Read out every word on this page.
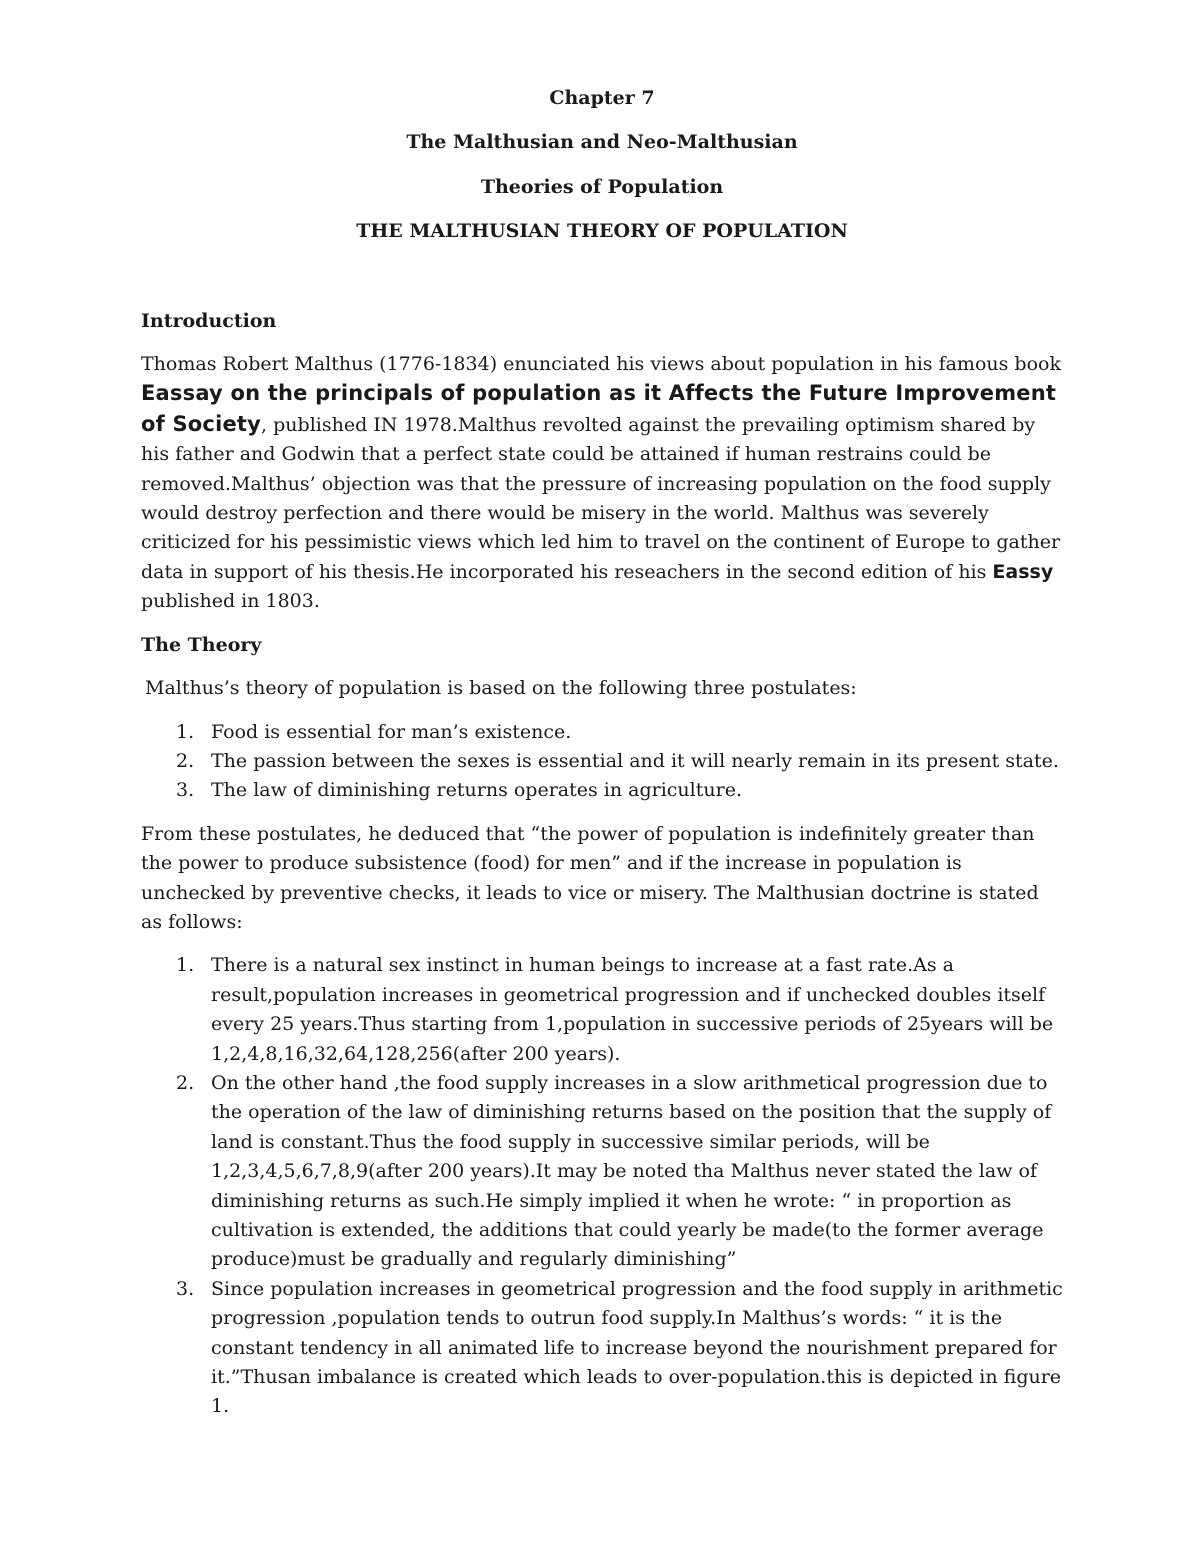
Chapter 7
The Malthusian and Neo-Malthusian
Theories of Population
THE MALTHUSIAN THEORY OF POPULATION
Introduction

Thomas Robert Malthus (1776-1834) enunciated his views about population in his famous book Eassay on the principals of population as it Affects the Future Improvement of Society, published IN 1978.Malthus revolted against the prevailing optimism shared by his father and Godwin that a perfect state could be attained if human restrains could be removed.Malthus’ objection was that the pressure of increasing population on the food supply would destroy perfection and there would be misery in the world. Malthus was severely criticized for his pessimistic views which led him to travel on the continent of Europe to gather data in support of his thesis.He incorporated his reseachers in the second edition of his Eassy published in 1803.

The Theory

Malthus’s theory of population is based on the following three postulates:

1. Food is essential for man’s existence.
2. The passion between the sexes is essential and it will nearly remain in its present state.
3. The law of diminishing returns operates in agriculture.

From these postulates, he deduced that “the power of population is indefinitely greater than the power to produce subsistence (food) for men” and if the increase in population is unchecked by preventive checks, it leads to vice or misery. The Malthusian doctrine is stated as follows:

1. There is a natural sex instinct in human beings to increase at a fast rate.As a result,population increases in geometrical progression and if unchecked doubles itself every 25 years.Thus starting from 1,population in successive periods of 25years will be 1,2,4,8,16,32,64,128,256(after 200 years).
2. On the other hand ,the food supply increases in a slow arithmetical progression due to the operation of the law of diminishing returns based on the position that the supply of land is constant.Thus the food supply in successive similar periods, will be 1,2,3,4,5,6,7,8,9(after 200 years).It may be noted tha Malthus never stated the law of diminishing returns as such.He simply implied it when he wrote: “ in proportion as cultivation is extended, the additions that could yearly be made(to the former average produce)must be gradually and regularly diminishing”
3. Since population increases in geometrical progression and the food supply in arithmetic progression ,population tends to outrun food supply.In Malthus’s words: “ it is the constant tendency in all animated life to increase beyond the nourishment prepared for it.”Thusan imbalance is created which leads to over-population.this is depicted in figure 1.
